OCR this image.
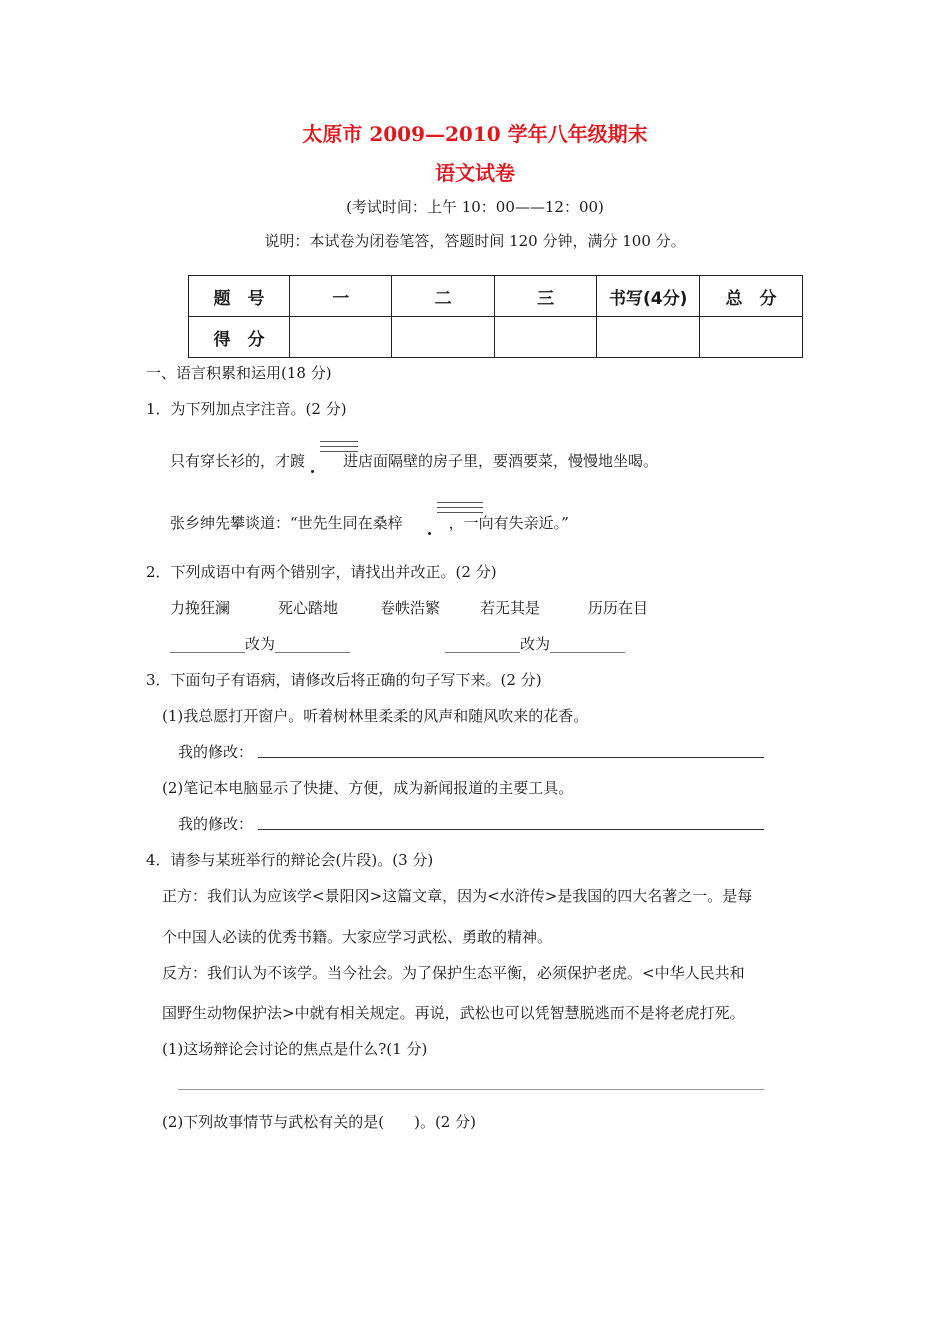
太原市 2009—2010 学年八年级期末
语文试卷
(考试时间：上午 10：00——12：00)
说明：本试卷为闭卷笔答，答题时间 120 分钟，满分 100 分。
题　号	一	二	三	书写(4分)	总　分
得　分					
一、语言积累和运用(18 分)
1．为下列加点字注音。(2 分)
只有穿长衫的，才踱	进店面隔壁的房子里，要酒要菜，慢慢地坐喝。
张乡绅先攀谈道：“世先生同在桑梓	，一向有失亲近。”
2．下列成语中有两个错别字，请找出并改正。(2 分)
力挽狂澜	死心踏地	卷帙浩繁	若无其是	历历在目
__________改为__________	__________改为__________
3．下面句子有语病，请修改后将正确的句子写下来。(2 分)
(1)我总愿打开窗户。听着树林里柔柔的风声和随风吹来的花香。
我的修改：
(2)笔记本电脑显示了快捷、方便，成为新闻报道的主要工具。
我的修改：
4．请参与某班举行的辩论会(片段)。(3 分)
正方：我们认为应该学<景阳冈>这篇文章，因为<水浒传>是我国的四大名著之一。是每
个中国人必读的优秀书籍。大家应学习武松、勇敢的精神。
反方：我们认为不该学。当今社会。为了保护生态平衡，必须保护老虎。<中华人民共和
国野生动物保护法>中就有相关规定。再说，武松也可以凭智慧脱逃而不是将老虎打死。
(1)这场辩论会讨论的焦点是什么?(1 分)
(2)下列故事情节与武松有关的是(　　)。(2 分)
